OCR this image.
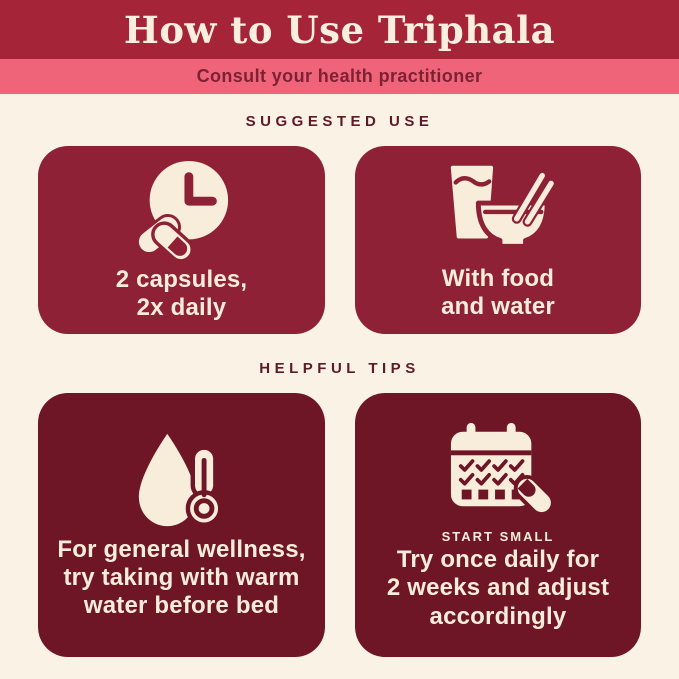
How to Use Triphala
Consult your health practitioner
SUGGESTED USE
2 capsules,
2x daily
With food
and water
HELPFUL TIPS
For general wellness,
try taking with warm
water before bed
START SMALL
Try once daily for
2 weeks and adjust
accordingly
